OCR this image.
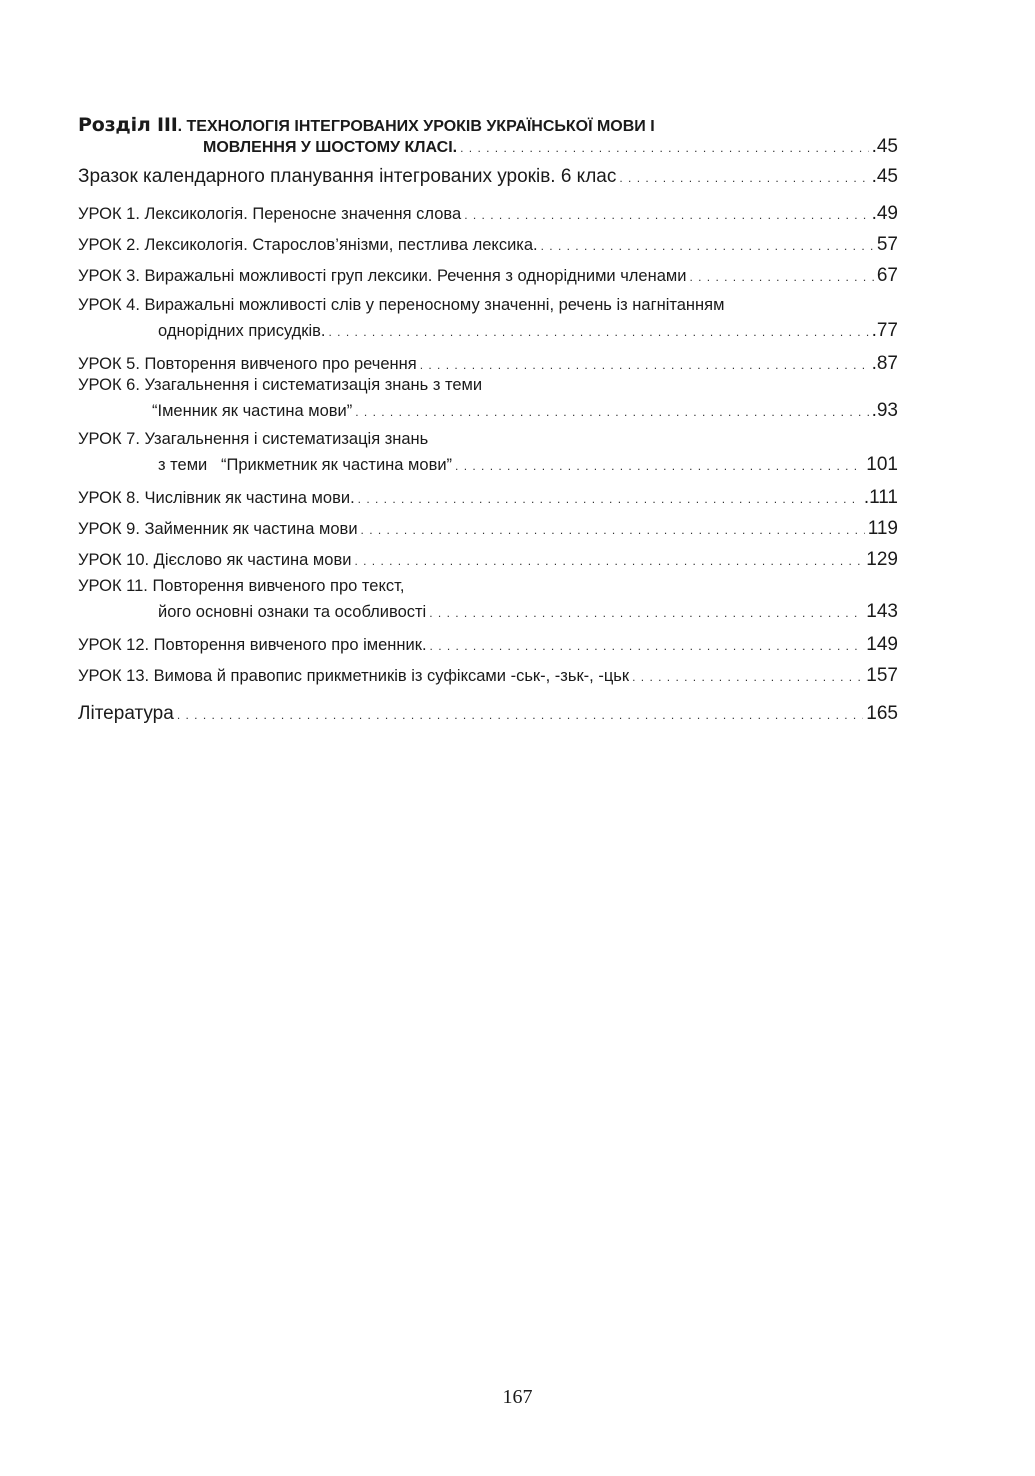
Розділ III . ТЕХНОЛОГІЯ ІНТЕГРОВАНИХ УРОКІВ УКРАЇНСЬКОЇ МОВИ І
МОВЛЕННЯ У ШОСТОМУ КЛАСІ. . . .	.45
Зразок календарного планування інтегрованих уроків. 6 клас . . .	.45
УРОК 1. Лексикологія. Переносне значення слова . . .	.49
УРОК 2. Лексикологія. Старослов’янізми, пестлива лексика. . . .	57
УРОК 3. Виражальні можливості груп лексики. Речення з однорідними членами . . .	67
УРОК 4. Виражальні можливості слів у переносному значенні, речень із нагнітанням
однорідних присудків. . . .	.77
УРОК 5. Повторення вивченого про речення . . .	.87
УРОК 6. Узагальнення і систематизація знань з теми
“Іменник як частина мови” . . .	.93
УРОК 7. Узагальнення і систематизація знань
з теми   “Прикметник як частина мови” . . .	101
УРОК 8. Числівник як частина мови. . . .	.111
УРОК 9. Займенник як частина мови . . .	119
УРОК 10. Дієслово як частина мови . . .	129
УРОК 11. Повторення вивченого про текст,
його основні ознаки та особливості . . .	143
УРОК 12. Повторення вивченого про іменник. . . .	149
УРОК 13. Вимова й правопис прикметників із суфіксами -ськ-, -зьк-, -цьк . . .	157
Література . . .	165
167
